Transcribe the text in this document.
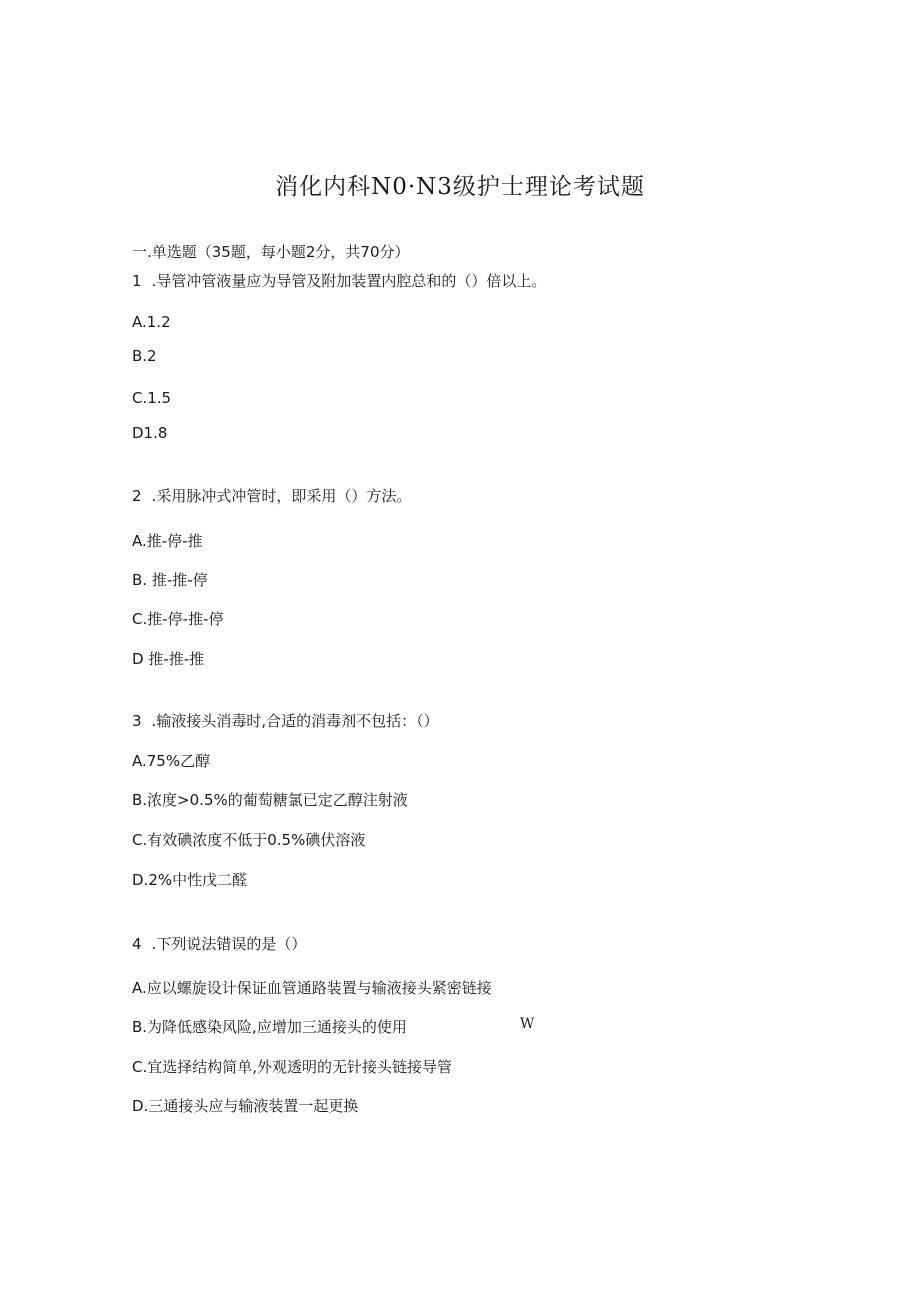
消化内科N0·N3级护士理论考试题
一.单选题（35题，每小题2分，共70分）
1 .导管冲管液量应为导管及附加装置内腔总和的（）倍以上。
A.1.2
B.2
C.1.5
D1.8
2 .采用脉冲式冲管时，即采用（）方法。
A.推-停-推
B. 推-推-停
C.推-停-推-停
D 推-推-推
3 .输液接头消毒时,合适的消毒剂不包括：（）
A.75%乙醇
B.浓度>0.5%的葡萄糖氯已定乙醇注射液
C.有效碘浓度不低于0.5%碘伏溶液
D.2%中性戊二醛
4 .下列说法错误的是（）
A.应以螺旋设计保证血管通路装置与输液接头紧密链接
B.为降低感染风险,应增加三通接头的使用	W
C.宜选择结构简单,外观透明的无针接头链接导管
D.三通接头应与输液装置一起更换
